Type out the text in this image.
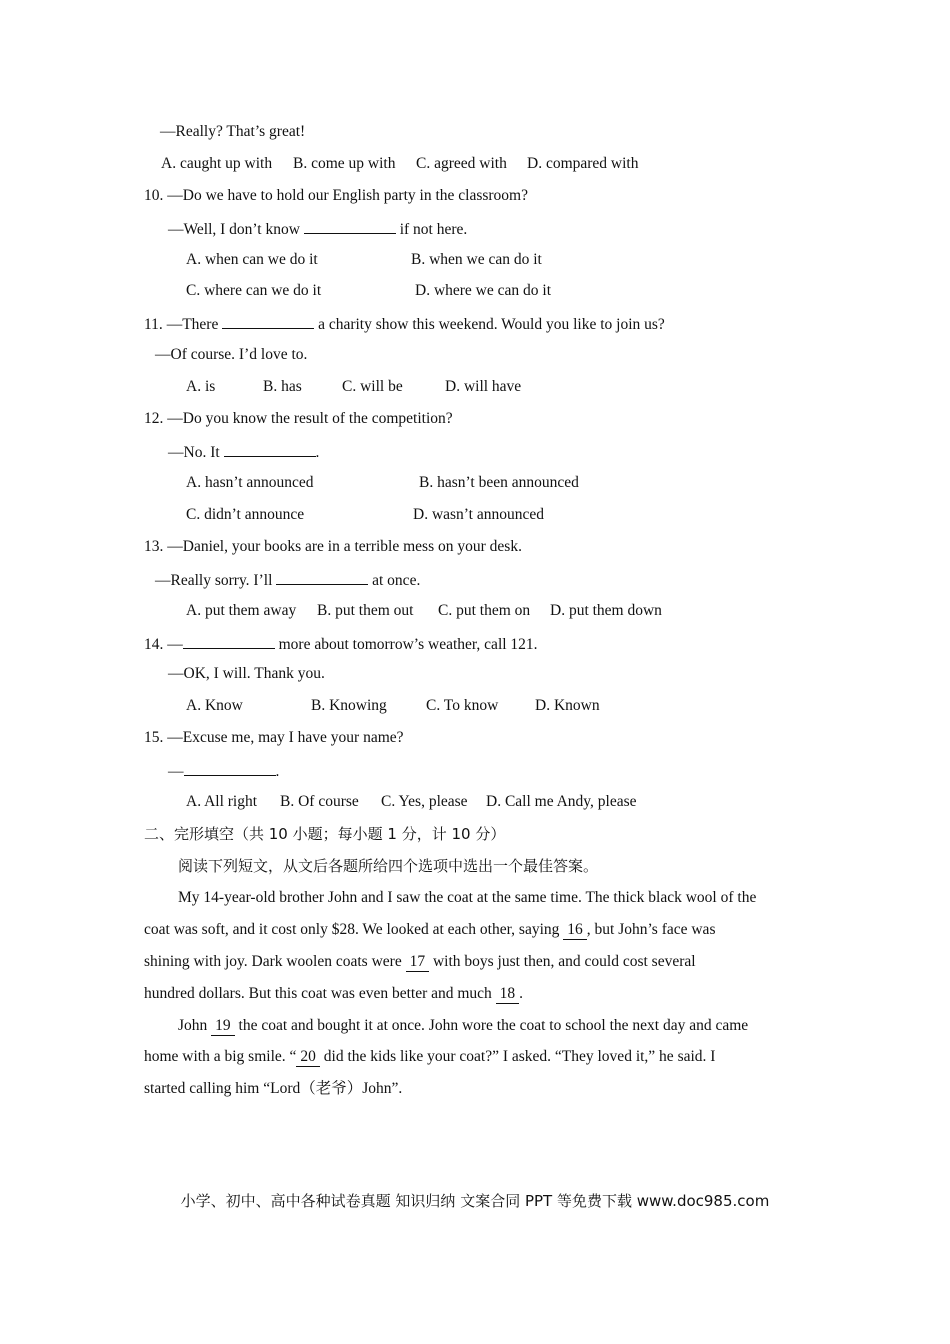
—Really? That’s great!
A. caught up with B. come up with C. agreed with D. compared with
10. —Do we have to hold our English party in the classroom?
—Well, I don’t know	if not here.
A. when can we do it	B. when we can do it
C. where can we do it	D. where we can do it
11. —There	a charity show this weekend. Would you like to join us?
—Of course. I’d love to.
A. is	B. has	C. will be	D. will have
12. —Do you know the result of the competition?
—No. It	.
A. hasn’t announced	B. hasn’t been announced
C. didn’t announce	D. wasn’t announced
13. —Daniel, your books are in a terrible mess on your desk.
—Really sorry. I’ll	at once.
A. put them away B. put them out C. put them on D. put them down
14. —	more about tomorrow’s weather, call 121.
—OK, I will. Thank you.
A. Know	B. Knowing	C. To know D. Known
15. —Excuse me, may I have your name?
—	.
A. All right B. Of course C. Yes, please D. Call me Andy, please
二、完形填空（共 10 小题；每小题 1 分，计 10 分）
阅读下列短文，从文后各题所给四个选项中选出一个最佳答案。
My 14-year-old brother John and I saw the coat at the same time. The thick black wool of the
coat was soft, and it cost only $28. We looked at each other, saying 16 , but John’s face was
shining with joy. Dark woolen coats were 17 with boys just then, and could cost several
hundred dollars. But this coat was even better and much 18 .
John 19 the coat and bought it at once. John wore the coat to school the next day and came
home with a big smile. “ 20 did the kids like your coat?” I asked. “They loved it,” he said. I
started calling him “Lord（老爷）John”.
小学、初中、高中各种试卷真题 知识归纳 文案合同 PPT 等免费下载 www.doc985.com
